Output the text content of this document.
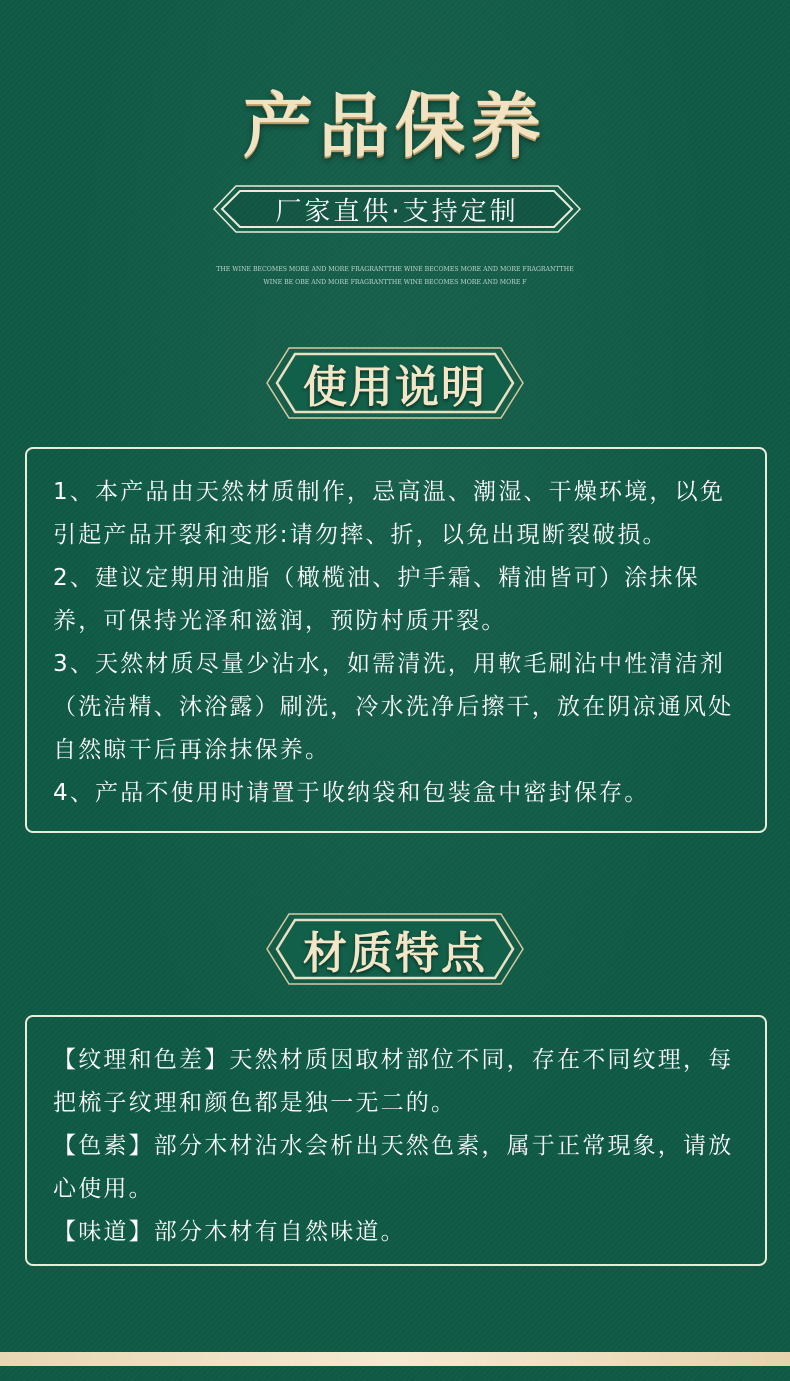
产品保养
厂家直供·支持定制
THE WINE BECOMES MORE AND MORE FRAGRANTTHE WINE BECOMES MORE AND MORE FRAGRANTTHE WINE BE OBE AND MORE FRAGRANTTHE WINE BECOMES MORE AND MORE F
使用说明

1、本产品由天然材质制作，忌高温、潮湿、干燥环境，以免引起产品开裂和变形:请勿摔、折，以免出現断裂破损。

2、建议定期用油脂（橄榄油、护手霜、精油皆可）涂抹保养，可保持光泽和滋润，预防村质开裂。

3、天然材质尽量少沾水，如需清洗，用軟毛刷沾中性清洁剂（洗洁精、沐浴露）刷洗，冷水洗净后擦干，放在阴凉通风处自然晾干后再涂抹保养。

4、产品不使用时请置于收纳袋和包装盒中密封保存。

材质特点

【纹理和色差】天然材质因取材部位不同，存在不同纹理，每把梳子纹理和颜色都是独一无二的。

【色素】部分木材沾水会析出天然色素，属于正常現象，请放心使用。

【味道】部分木材有自然味道。
